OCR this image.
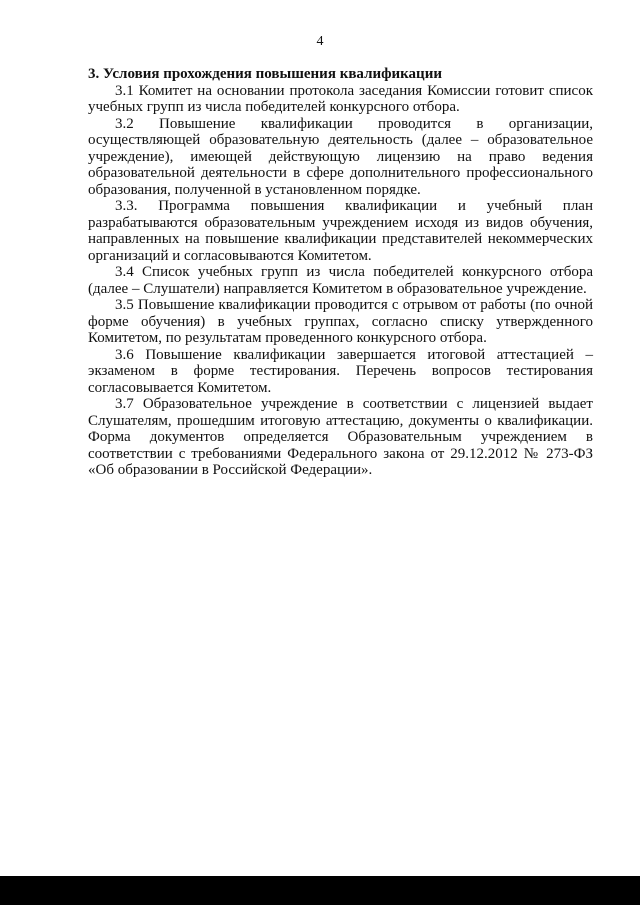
4

3. Условия прохождения повышения квалификации

3.1 Комитет на основании протокола заседания Комиссии готовит список учебных групп из числа победителей конкурсного отбора.

3.2 Повышение квалификации проводится в организации, осуществляющей образовательную деятельность (далее – образовательное учреждение), имеющей действующую лицензию на право ведения образовательной деятельности в сфере дополнительного профессионального образования, полученной в установленном порядке.

3.3. Программа повышения квалификации и учебный план разрабатываются образовательным учреждением исходя из видов обучения, направленных на повышение квалификации представителей некоммерческих организаций и согласовываются Комитетом.

3.4 Список учебных групп из числа победителей конкурсного отбора (далее – Слушатели) направляется Комитетом в образовательное учреждение.

3.5 Повышение квалификации проводится с отрывом от работы (по очной форме обучения) в учебных группах, согласно списку утвержденного Комитетом, по результатам проведенного конкурсного отбора.

3.6 Повышение квалификации завершается итоговой аттестацией – экзаменом в форме тестирования. Перечень вопросов тестирования согласовывается Комитетом.

3.7 Образовательное учреждение в соответствии с лицензией выдает Слушателям, прошедшим итоговую аттестацию, документы о квалификации. Форма документов определяется Образовательным учреждением в соответствии с требованиями Федерального закона от 29.12.2012 № 273-ФЗ «Об образовании в Российской Федерации».
